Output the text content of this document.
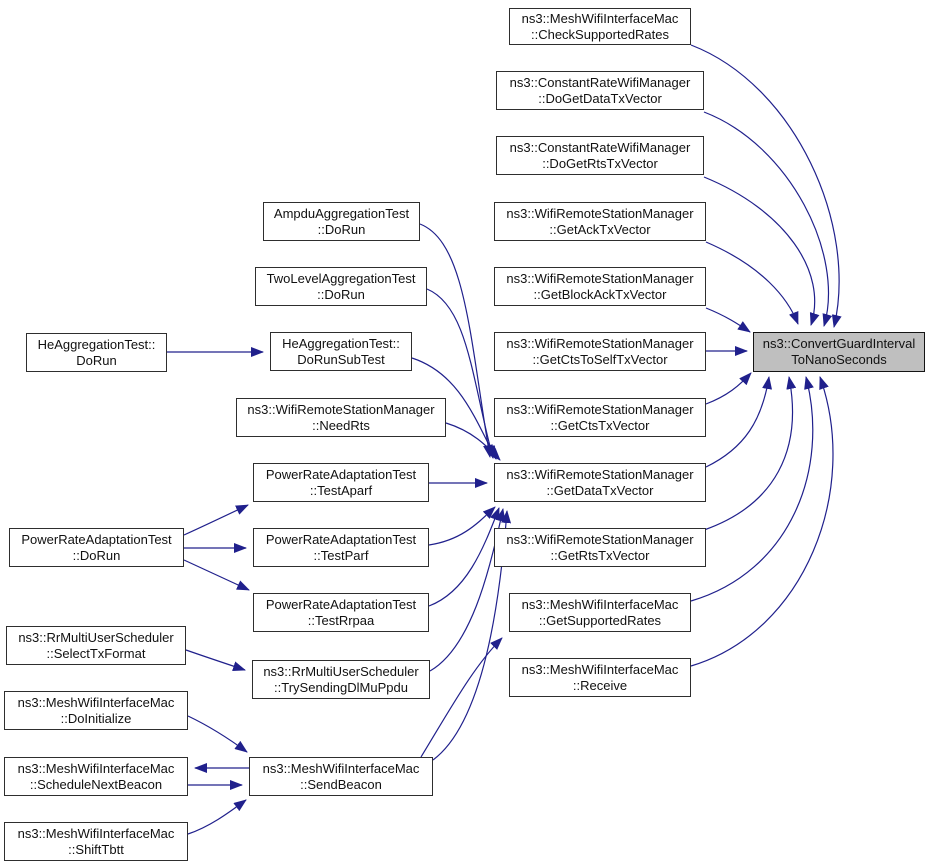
ns3::ConvertGuardInterval
ToNanoSeconds
ns3::MeshWifiInterfaceMac
::CheckSupportedRates
ns3::ConstantRateWifiManager
::DoGetDataTxVector
ns3::ConstantRateWifiManager
::DoGetRtsTxVector
ns3::WifiRemoteStationManager
::GetAckTxVector
ns3::WifiRemoteStationManager
::GetBlockAckTxVector
ns3::WifiRemoteStationManager
::GetCtsToSelfTxVector
ns3::WifiRemoteStationManager
::GetCtsTxVector
ns3::WifiRemoteStationManager
::GetDataTxVector
ns3::WifiRemoteStationManager
::GetRtsTxVector
ns3::MeshWifiInterfaceMac
::GetSupportedRates
ns3::MeshWifiInterfaceMac
::Receive
AmpduAggregationTest
::DoRun
TwoLevelAggregationTest
::DoRun
HeAggregationTest::
DoRunSubTest
ns3::WifiRemoteStationManager
::NeedRts
PowerRateAdaptationTest
::TestAparf
PowerRateAdaptationTest
::TestParf
PowerRateAdaptationTest
::TestRrpaa
ns3::RrMultiUserScheduler
::TrySendingDlMuPpdu
ns3::MeshWifiInterfaceMac
::SendBeacon
HeAggregationTest::
DoRun
PowerRateAdaptationTest
::DoRun
ns3::RrMultiUserScheduler
::SelectTxFormat
ns3::MeshWifiInterfaceMac
::DoInitialize
ns3::MeshWifiInterfaceMac
::ScheduleNextBeacon
ns3::MeshWifiInterfaceMac
::ShiftTbtt
